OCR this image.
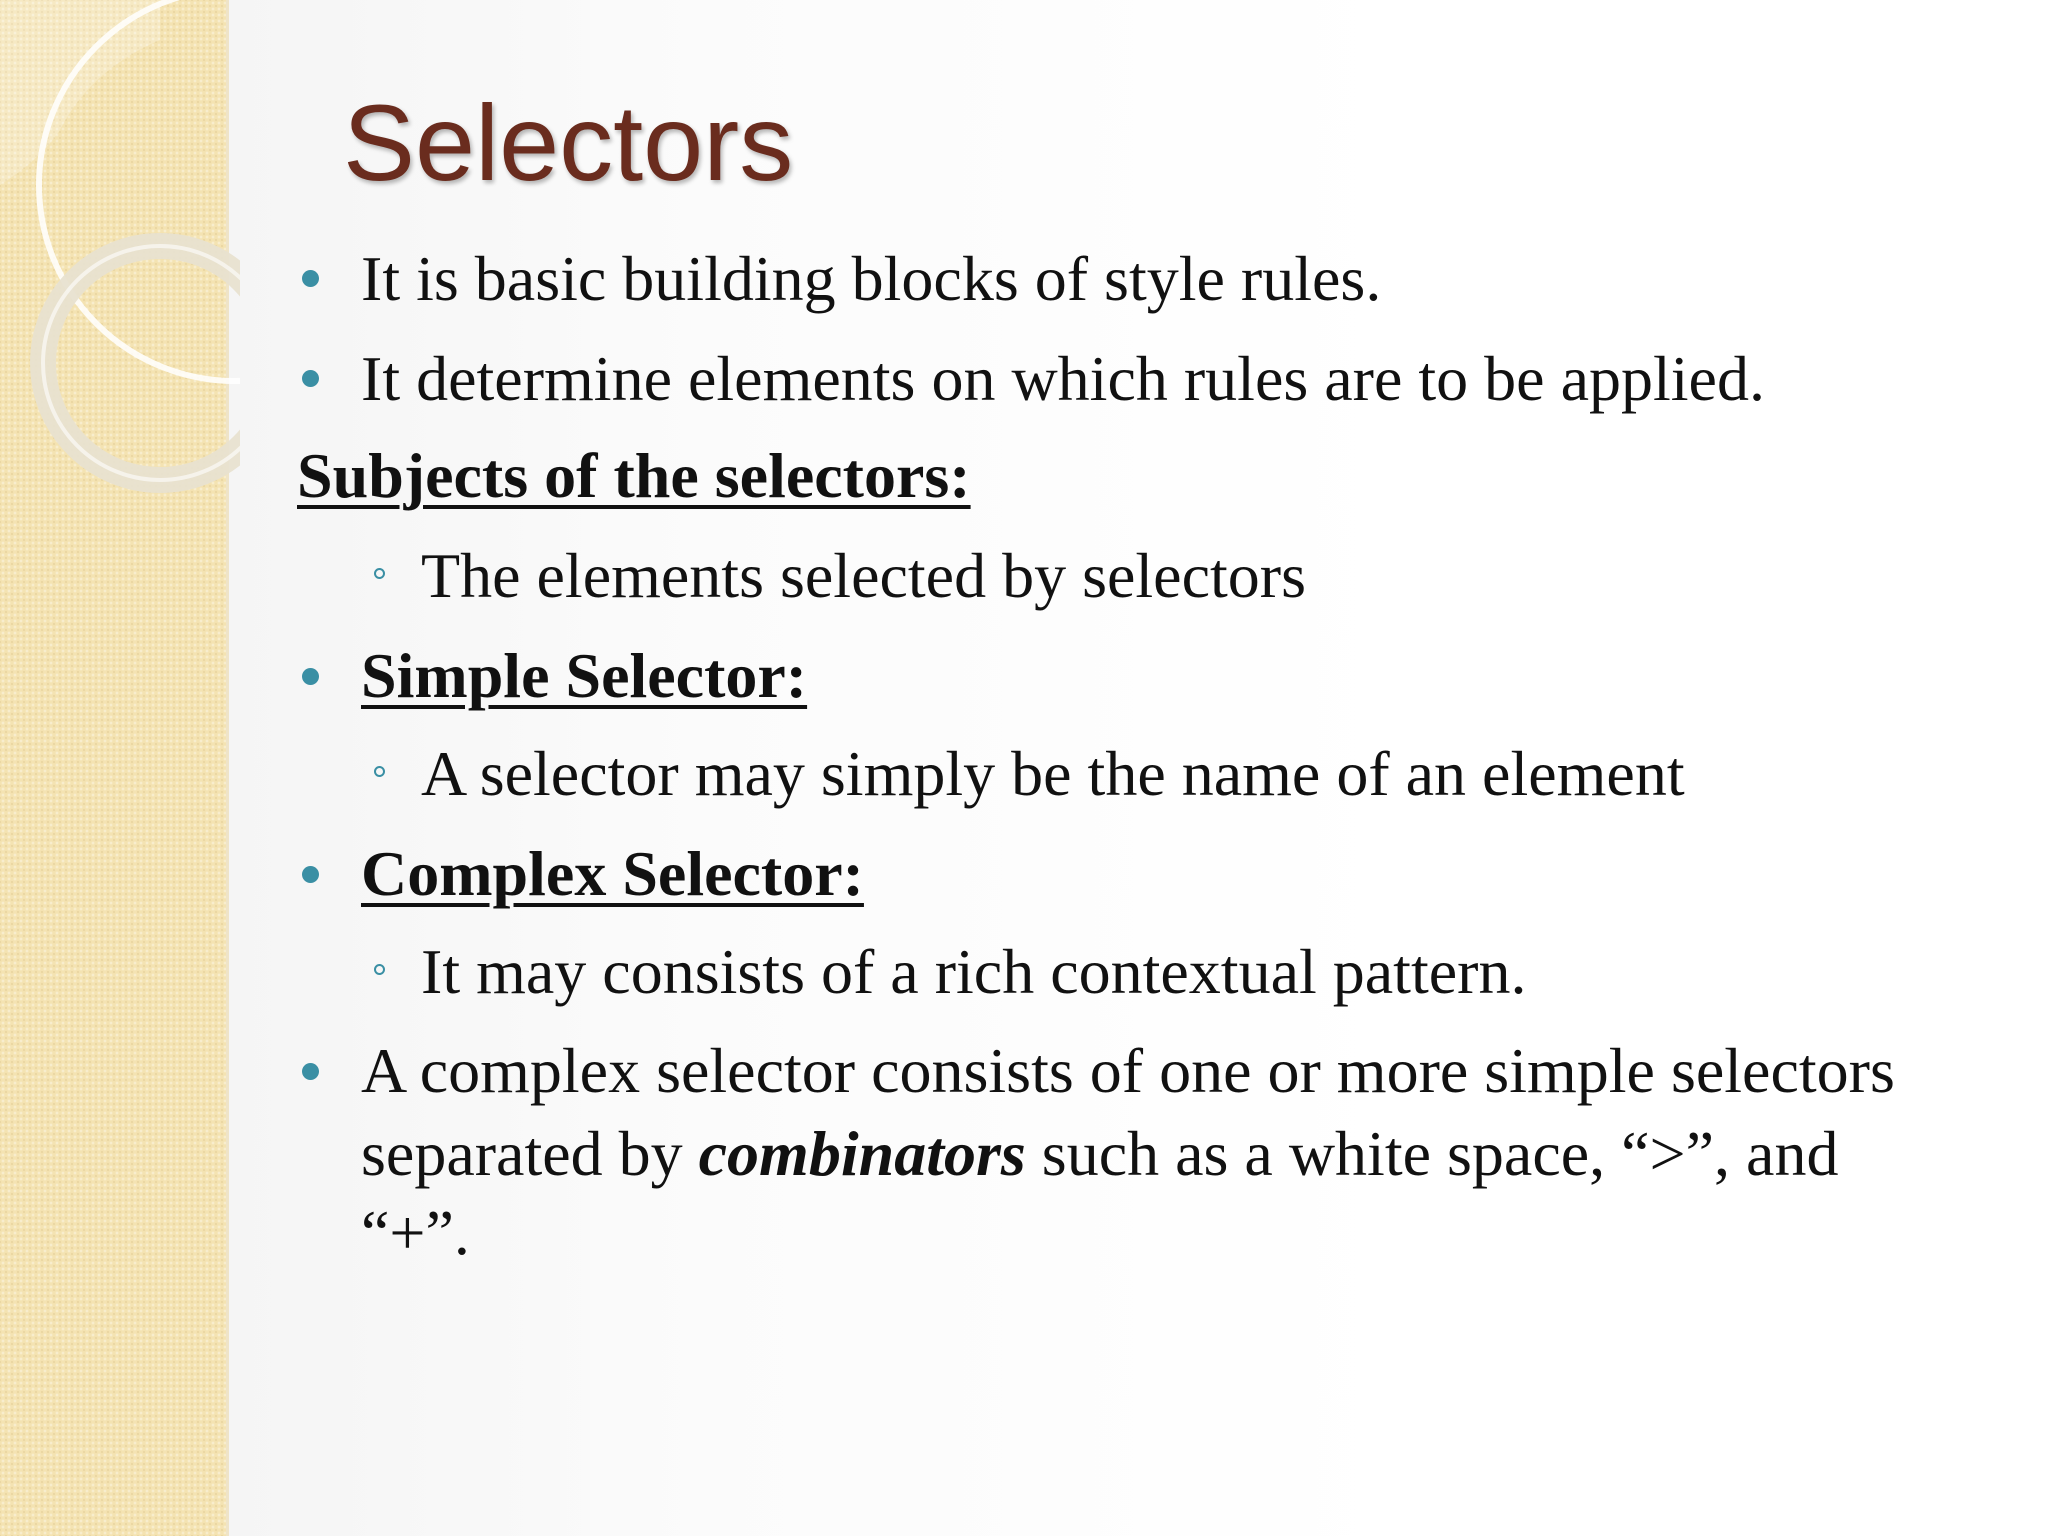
Selectors

It is basic building blocks of style rules.

It determine elements on which rules are to be applied.

Subjects of the selectors:

The elements selected by selectors

Simple Selector:

A selector may simply be the name of an element

Complex Selector:

It may consists of a rich contextual pattern.

A complex selector consists of one or more simple selectors

separated by combinators such as a white space, “>”, and

“+”.
